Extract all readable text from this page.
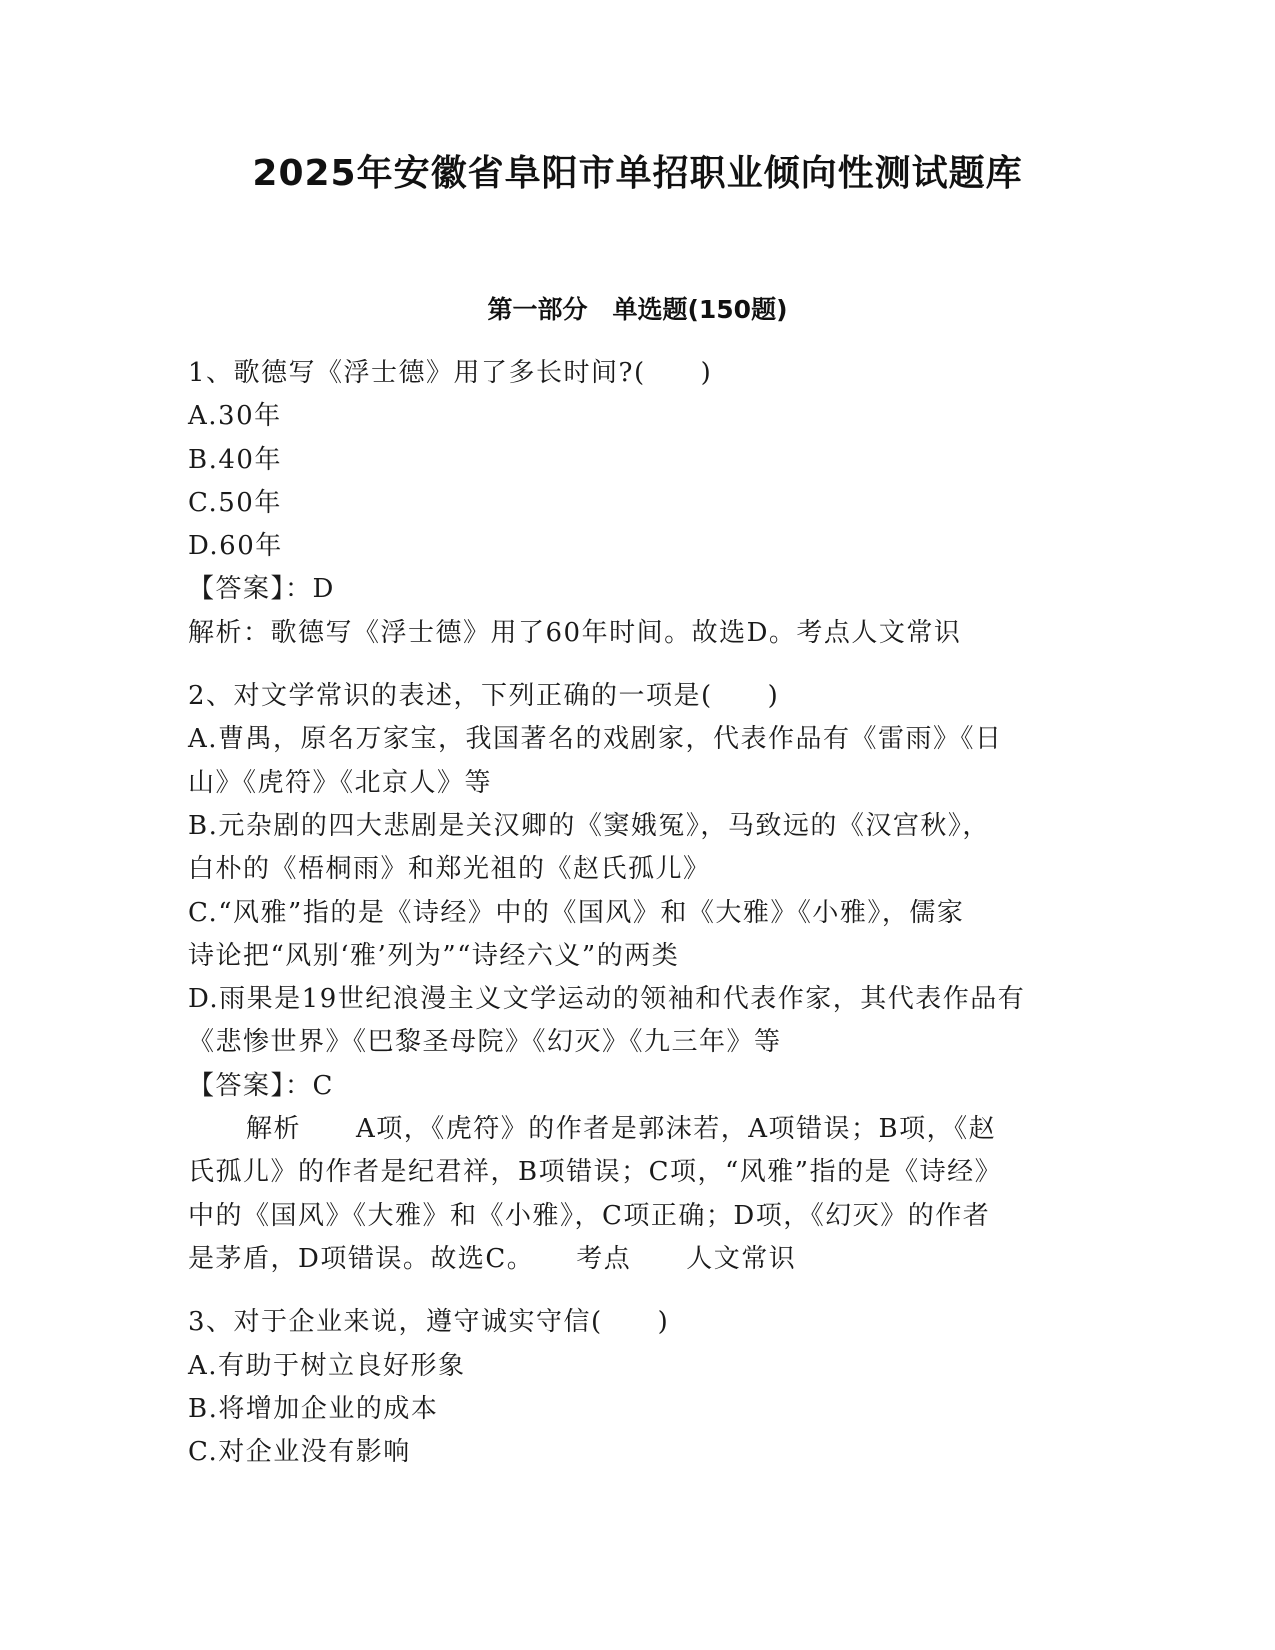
2025年安徽省阜阳市单招职业倾向性测试题库
第一部分　单选题(150题)
1、歌德写《浮士德》用了多长时间?(　　)
A.30年
B.40年
C.50年
D.60年
【答案】：D
解析：歌德写《浮士德》用了60年时间。故选D。考点人文常识
2、对文学常识的表述，下列正确的一项是(　　)
A.曹禺，原名万家宝，我国著名的戏剧家，代表作品有《雷雨》《日
山》《虎符》《北京人》等
B.元杂剧的四大悲剧是关汉卿的《窦娥冤》，马致远的《汉宫秋》，
白朴的《梧桐雨》和郑光祖的《赵氏孤儿》
C.“风雅”指的是《诗经》中的《国风》和《大雅》《小雅》，儒家
诗论把“风别‘雅’列为”“诗经六义”的两类
D.雨果是19世纪浪漫主义文学运动的领袖和代表作家，其代表作品有
《悲惨世界》《巴黎圣母院》《幻灭》《九三年》等
【答案】：C
解析　　A项，《虎符》的作者是郭沫若，A项错误；B项，《赵
氏孤儿》的作者是纪君祥，B项错误；C项，“风雅”指的是《诗经》
中的《国风》《大雅》和《小雅》，C项正确；D项，《幻灭》的作者
是茅盾，D项错误。故选C。　　考点　　人文常识
3、对于企业来说，遵守诚实守信(　　)
A.有助于树立良好形象
B.将增加企业的成本
C.对企业没有影响
